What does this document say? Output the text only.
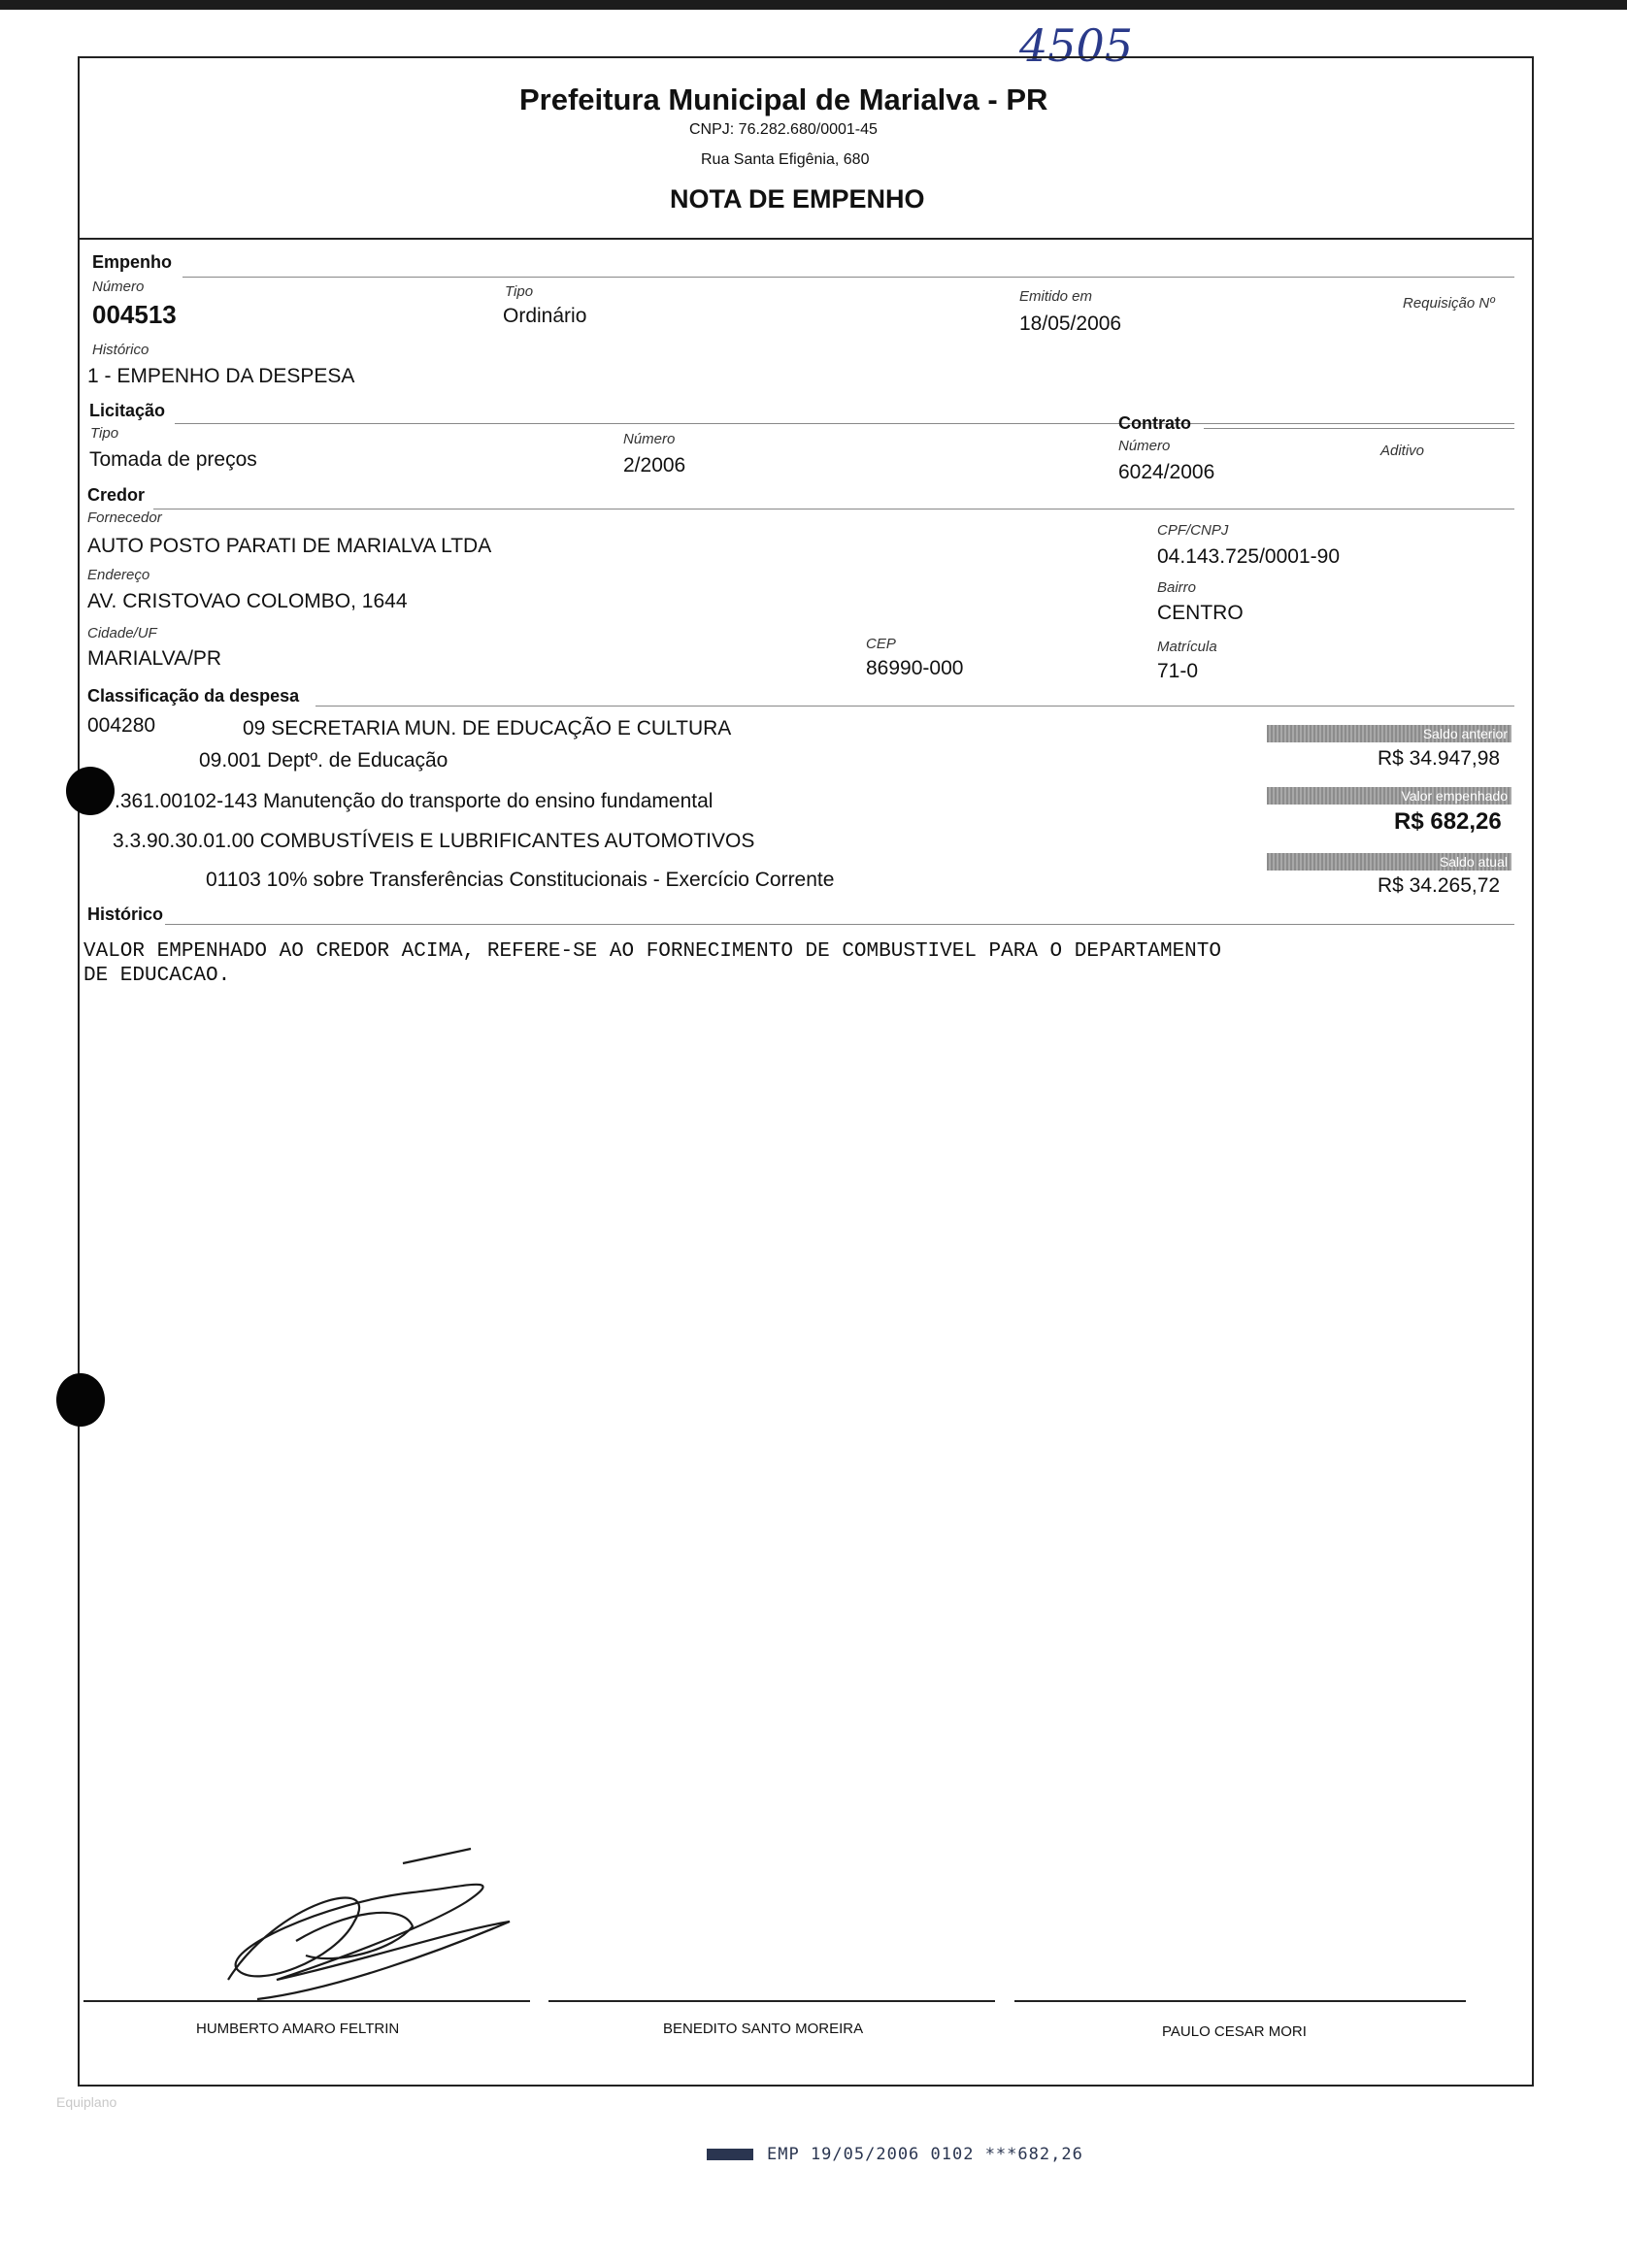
4505
Prefeitura Municipal de Marialva - PR
CNPJ: 76.282.680/0001-45
Rua Santa Efigênia, 680
NOTA DE EMPENHO
Empenho
Número
004513
Tipo
Ordinário
Emitido em
18/05/2006
Requisição Nº
Histórico
1 - EMPENHO DA DESPESA
Licitação
Tipo
Tomada de preços
Número
2/2006
Contrato
Número
6024/2006
Aditivo
Credor
Fornecedor
AUTO POSTO PARATI DE MARIALVA LTDA
CPF/CNPJ
04.143.725/0001-90
Endereço
AV. CRISTOVAO COLOMBO, 1644
Bairro
CENTRO
Cidade/UF
MARIALVA/PR
CEP
86990-000
Matrícula
71-0
Classificação da despesa
004280	09 SECRETARIA MUN. DE EDUCAÇÃO E CULTURA
09.001 Deptº. de Educação
.361.00102-143 Manutenção do transporte do ensino fundamental
3.3.90.30.01.00 COMBUSTÍVEIS E LUBRIFICANTES AUTOMOTIVOS
01103 10% sobre Transferências Constitucionais - Exercício Corrente
Saldo anterior
R$ 34.947,98
Valor empenhado
R$ 682,26
Saldo atual
R$ 34.265,72
Histórico
VALOR EMPENHADO AO CREDOR ACIMA, REFERE-SE AO FORNECIMENTO DE COMBUSTIVEL PARA O DEPARTAMENTO
DE EDUCACAO.
HUMBERTO AMARO FELTRIN	BENEDITO SANTO MOREIRA	PAULO CESAR MORI
Equiplano
EMP 19/05/2006 0102 ***682,26
